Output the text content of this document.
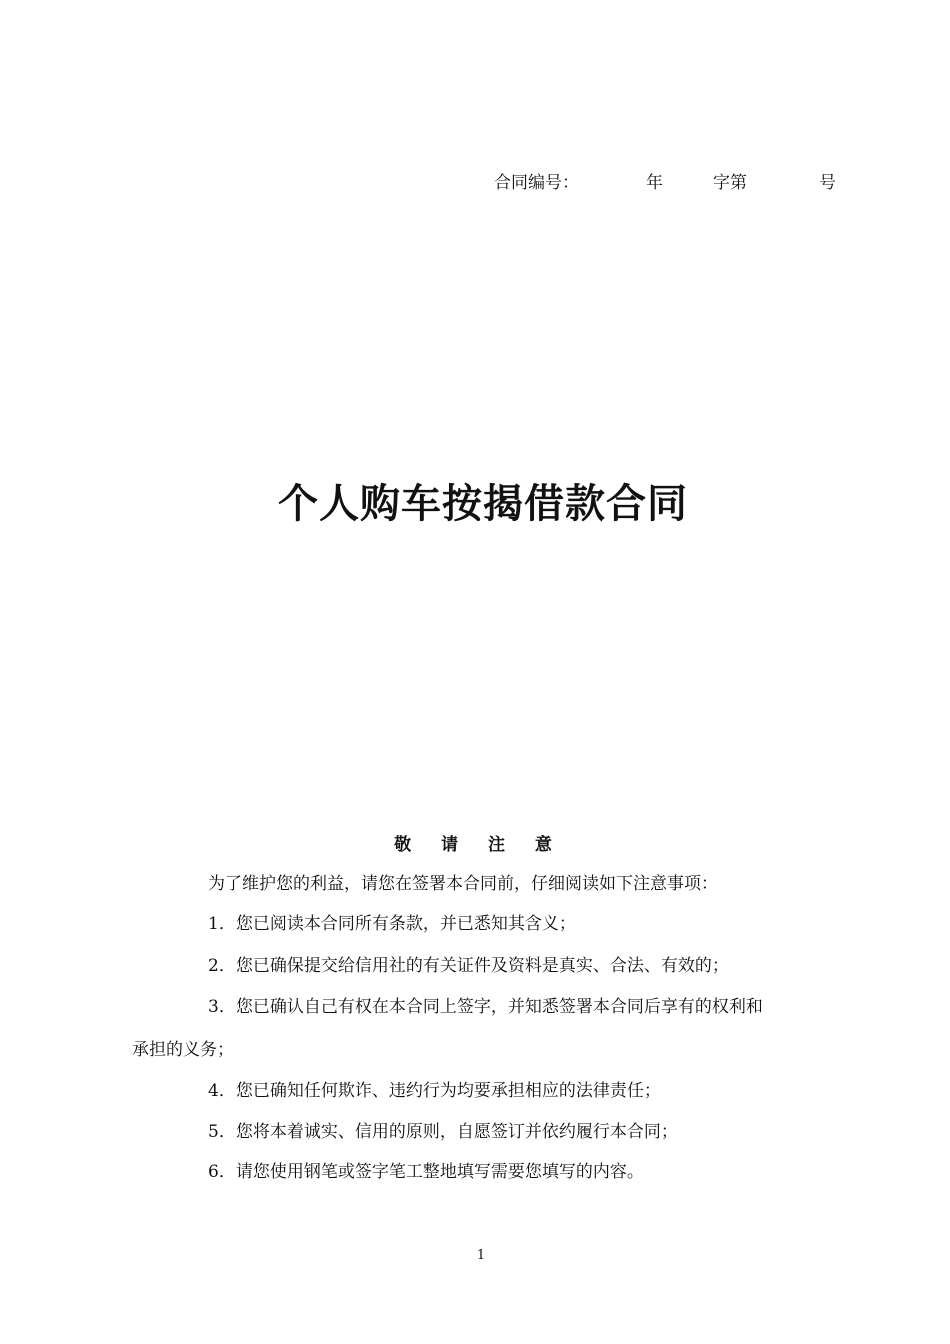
合同编号：	年	字第	号
个人购车按揭借款合同
敬 请 注 意
为了维护您的利益，请您在签署本合同前，仔细阅读如下注意事项：
1．您已阅读本合同所有条款，并已悉知其含义；
2．您已确保提交给信用社的有关证件及资料是真实、合法、有效的；
3．您已确认自己有权在本合同上签字，并知悉签署本合同后享有的权利和
承担的义务；
4．您已确知任何欺诈、违约行为均要承担相应的法律责任；
5．您将本着诚实、信用的原则，自愿签订并依约履行本合同；
6．请您使用钢笔或签字笔工整地填写需要您填写的内容。
1
